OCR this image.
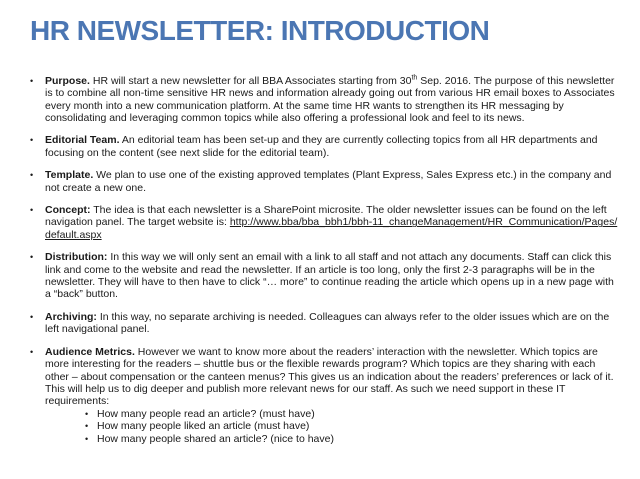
HR NEWSLETTER: INTRODUCTION
•	Purpose. HR will start a new newsletter for all BBA Associates starting from 30th Sep. 2016. The purpose of this newsletter is to combine all non-time sensitive HR news and information already going out from various HR email boxes to Associates every month into a new communication platform. At the same time HR wants to strengthen its HR messaging by consolidating and leveraging common topics while also offering a professional look and feel to its news.

•	Editorial Team. An editorial team has been set-up and they are currently collecting topics from all HR departments and focusing on the content (see next slide for the editorial team).

•	Template. We plan to use one of the existing approved templates (Plant Express, Sales Express etc.) in the company and not create a new one.

•	Concept: The idea is that each newsletter is a SharePoint microsite. The older newsletter issues can be found on the left navigation panel. The target website is: http://www.bba/bba_bbh1/bbh-11_changeManagement/HR_Communication/Pages/default.aspx

•	Distribution: In this way we will only sent an email with a link to all staff and not attach any documents. Staff can click this link and come to the website and read the newsletter. If an article is too long, only the first 2-3 paragraphs will be in the newsletter. They will have to then have to click “… more” to continue reading the article which opens up in a new page with a “back” button.

•	Archiving: In this way, no separate archiving is needed. Colleagues can always refer to the older issues which are on the left navigational panel.

•	Audience Metrics. However we want to know more about the readers’ interaction with the newsletter. Which topics are more interesting for the readers – shuttle bus or the flexible rewards program? Which topics are they sharing with each other – about compensation or the canteen menus? This gives us an indication about the readers’ preferences or lack of it. This will help us to dig deeper and publish more relevant news for our staff. As such we need support in these IT requirements:

• How many people read an article? (must have)

• How many people liked an article (must have)

• How many people shared an article? (nice to have)
